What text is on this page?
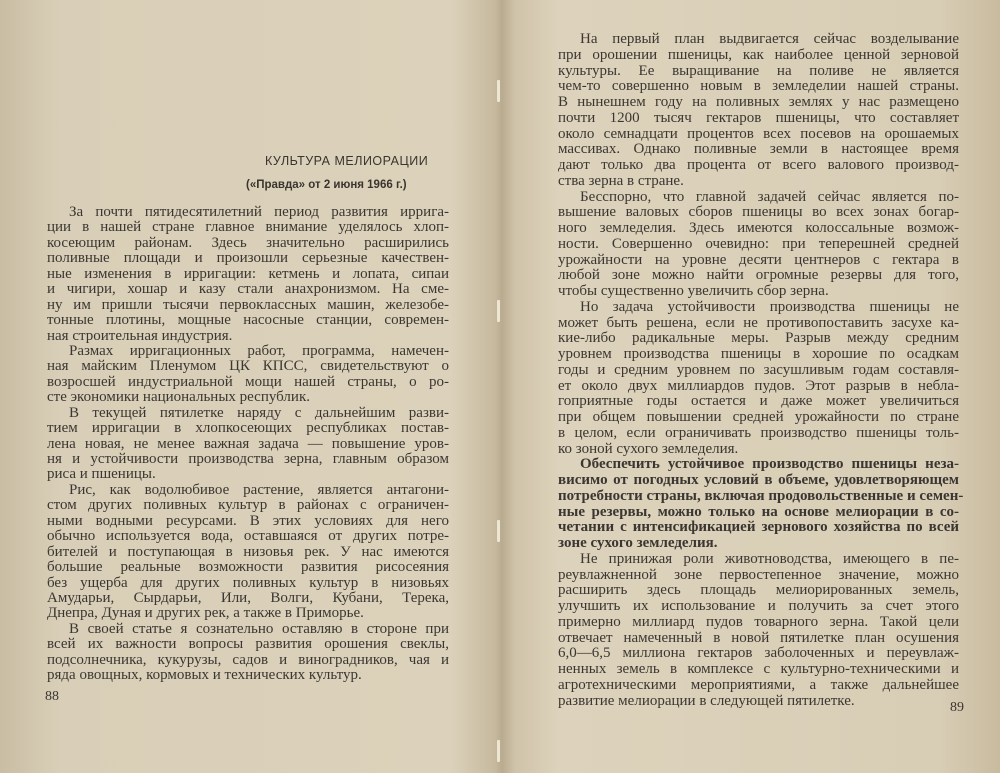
КУЛЬТУРА МЕЛИОРАЦИИ
(«Правда» от 2 июня 1966 г.)
За почти пятидесятилетний период развития ирригa-
ции в нашей стране главное внимание уделялось хлоп-
косеющим районам. Здесь значительно расширились
поливные площади и произошли серьезные качествен-
ные изменения в ирригации: кетмень и лопата, сипаи
и чигири, хошар и казу стали анахронизмом. На сме-
ну им пришли тысячи первоклассных машин, железобе-
тонные плотины, мощные насосные станции, современ-
ная строительная индустрия.
Размах ирригационных работ, программа, намечен-
ная майским Пленумом ЦК КПСС, свидетельствуют о
возросшей индустриальной мощи нашей страны, о ро-
сте экономики национальных республик.
В текущей пятилетке наряду с дальнейшим разви-
тием ирригации в хлопкосеющих республиках постав-
лена новая, не менее важная задача — повышение уров-
ня и устойчивости производства зерна, главным образом
риса и пшеницы.
Рис, как водолюбивое растение, является антагони-
стом других поливных культур в районах с ограничен-
ными водными ресурсами. В этих условиях для него
обычно используется вода, оставшаяся от других потре-
бителей и поступающая в низовья рек. У нас имеются
большие реальные возможности развития рисосеяния
без ущерба для других поливных культур в низовьях
Амударьи, Сырдарьи, Или, Волги, Кубани, Терека,
Днепра, Дуная и других рек, а также в Приморье.
В своей статье я сознательно оставляю в стороне при
всей их важности вопросы развития орошения свеклы,
подсолнечника, кукурузы, садов и виноградников, чая и
ряда овощных, кормовых и технических культур.
88
На первый план выдвигается сейчас возделывание
при орошении пшеницы, как наиболее ценной зерновой
культуры. Ее выращивание на поливе не является
чем-то совершенно новым в земледелии нашей страны.
В нынешнем году на поливных землях у нас размещено
почти 1200 тысяч гектаров пшеницы, что составляет
около семнадцати процентов всех посевов на орошаемых
массивах. Однако поливные земли в настоящее время
дают только два процента от всего валового производ-
ства зерна в стране.
Бесспорно, что главной задачей сейчас является по-
вышение валовых сборов пшеницы во всех зонах богар-
ного земледелия. Здесь имеются колоссальные возмож-
ности. Совершенно очевидно: при теперешней средней
урожайности на уровне десяти центнеров с гектара в
любой зоне можно найти огромные резервы для того,
чтобы существенно увеличить сбор зерна.
Но задача устойчивости производства пшеницы не
может быть решена, если не противопоставить засухе ка-
кие-либо радикальные меры. Разрыв между средним
уровнем производства пшеницы в хорошие по осадкам
годы и средним уровнем по засушливым годам составля-
ет около двух миллиардов пудов. Этот разрыв в небла-
гоприятные годы остается и даже может увеличиться
при общем повышении средней урожайности по стране
в целом, если ограничивать производство пшеницы толь-
ко зоной сухого земледелия.
Обеспечить устойчивое производство пшеницы неза-
висимо от погодных условий в объеме, удовлетворяющем
потребности страны, включая продовольственные и семен-
ные резервы, можно только на основе мелиорации в со-
четании с интенсификацией зернового хозяйства по всей
зоне сухого земледелия.
Не принижая роли животноводства, имеющего в пе-
реувлажненной зоне первостепенное значение, можно
расширить здесь площадь мелиорированных земель,
улучшить их использование и получить за счет этого
примерно миллиард пудов товарного зерна. Такой цели
отвечает намеченный в новой пятилетке план осушения
6,0—6,5 миллиона гектаров заболоченных и переувлаж-
ненных земель в комплексе с культурно-техническими и
агротехническими мероприятиями, а также дальнейшее
развитие мелиорации в следующей пятилетке.	89
